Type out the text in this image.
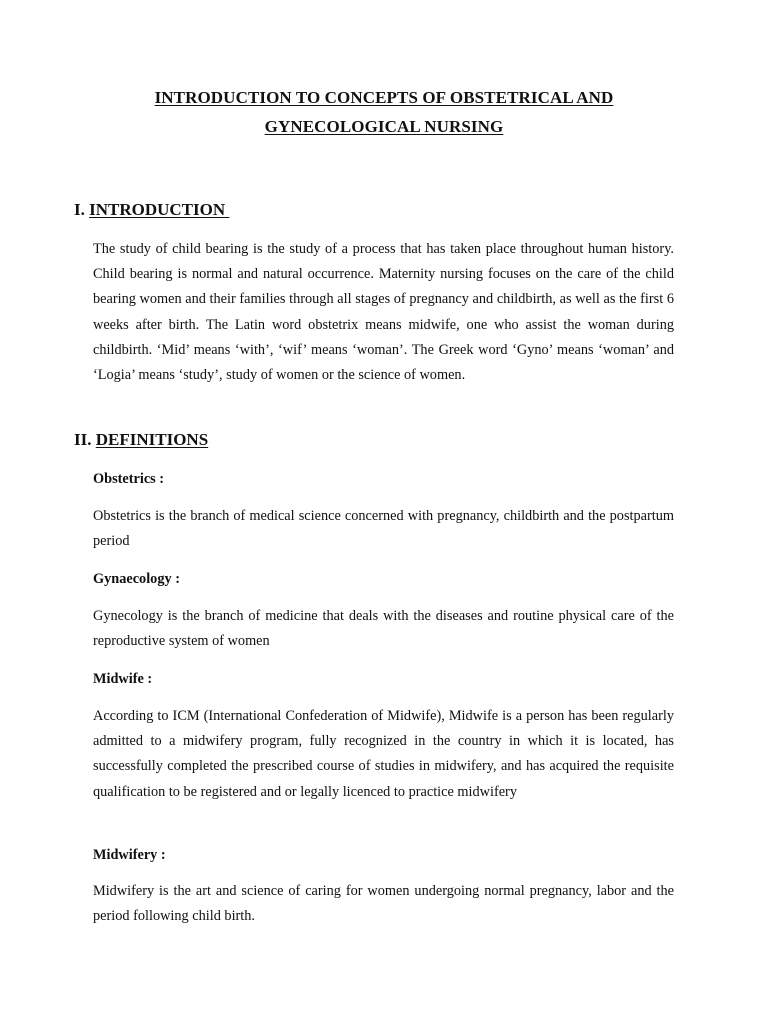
INTRODUCTION TO CONCEPTS OF OBSTETRICAL AND
GYNECOLOGICAL NURSING
I. INTRODUCTION

The study of child bearing is the study of a process that has taken place throughout human history. Child bearing is normal and natural occurrence. Maternity nursing focuses on the care of the child bearing women and their families through all stages of pregnancy and childbirth, as well as the first 6 weeks after birth. The Latin word obstetrix means midwife, one who assist the woman during childbirth. ‘Mid’ means ‘with’, ‘wif’ means ‘woman’. The Greek word ‘Gyno’ means ‘woman’ and ‘Logia’ means ‘study’, study of women or the science of women.

II. DEFINITIONS

Obstetrics :

Obstetrics is the branch of medical science concerned with pregnancy, childbirth and the postpartum period

Gynaecology :

Gynecology is the branch of medicine that deals with the diseases and routine physical care of the reproductive system of women

Midwife :

According to ICM (International Confederation of Midwife), Midwife is a person has been regularly admitted to a midwifery program, fully recognized in the country in which it is located, has successfully completed the prescribed course of studies in midwifery, and has acquired the requisite qualification to be registered and or legally licenced to practice midwifery

Midwifery :

Midwifery is the art and science of caring for women undergoing normal pregnancy, labor and the period following child birth.
